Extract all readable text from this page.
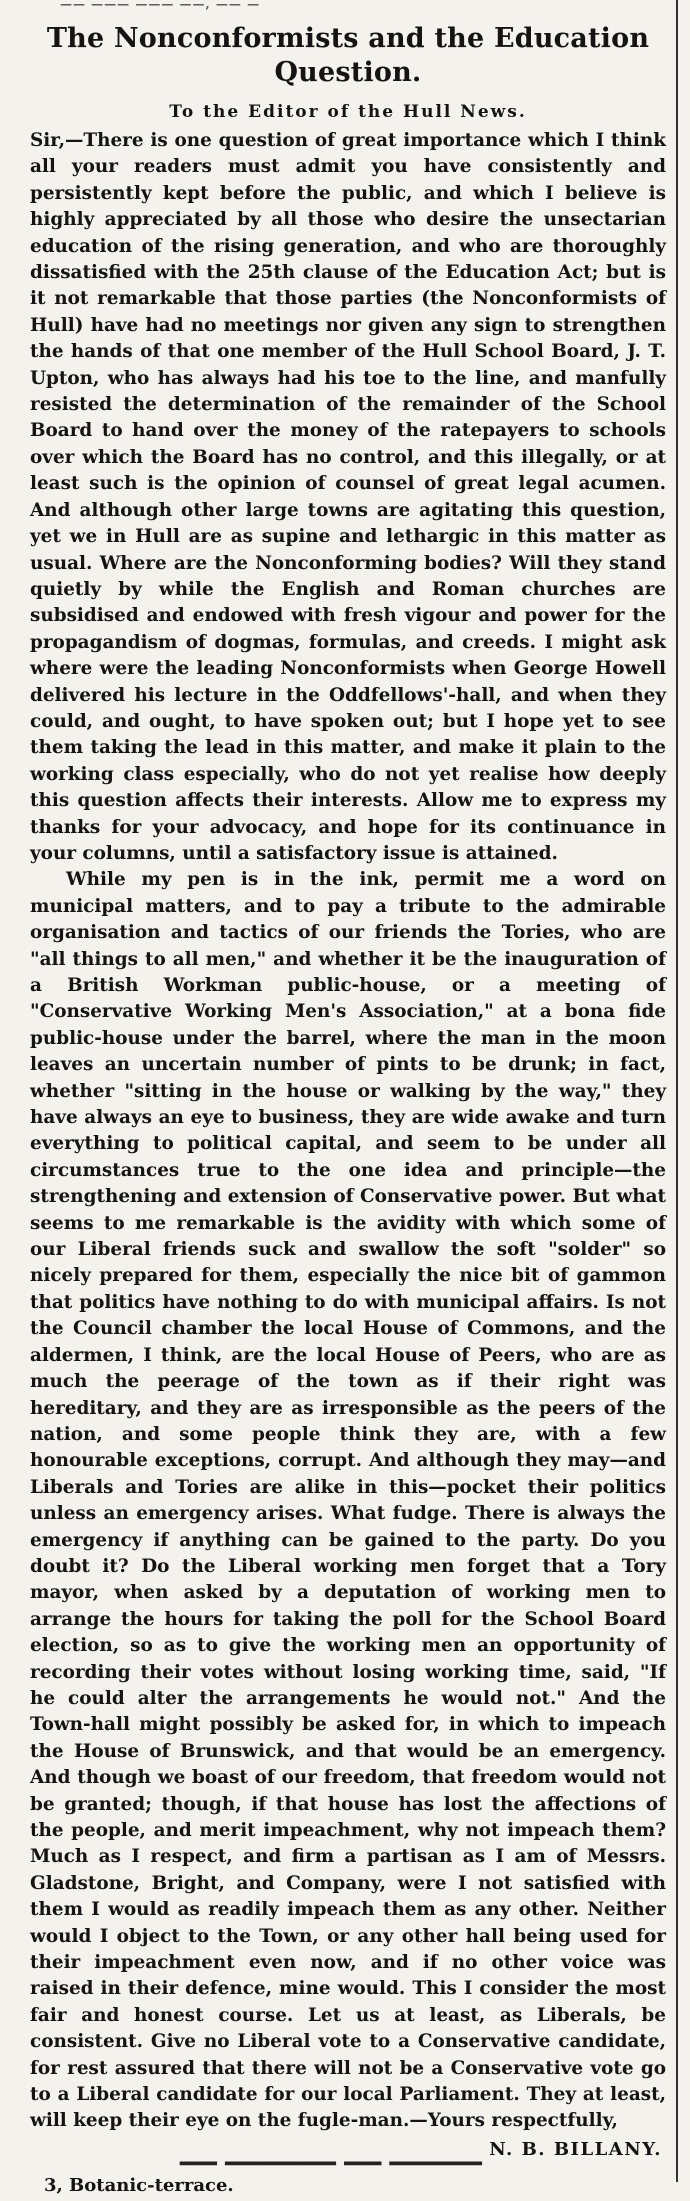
—— ——— ——— ——, —— —
The Nonconformists and the Education Question.
To the Editor of the Hull News.

Sir,—There is one question of great importance which I think all your readers must admit you have consistently and persistently kept before the public, and which I believe is highly appreciated by all those who desire the unsectarian education of the rising generation, and who are thoroughly dissatisfied with the 25th clause of the Education Act; but is it not remarkable that those parties (the Nonconformists of Hull) have had no meetings nor given any sign to strengthen the hands of that one member of the Hull School Board, J. T. Upton, who has always had his toe to the line, and manfully resisted the determination of the remainder of the School Board to hand over the money of the ratepayers to schools over which the Board has no control, and this illegally, or at least such is the opinion of counsel of great legal acumen. And although other large towns are agitating this question, yet we in Hull are as supine and lethargic in this matter as usual. Where are the Nonconforming bodies? Will they stand quietly by while the English and Roman churches are subsidised and endowed with fresh vigour and power for the propagandism of dogmas, formulas, and creeds. I might ask where were the leading Nonconformists when George Howell delivered his lecture in the Oddfellows'-hall, and when they could, and ought, to have spoken out; but I hope yet to see them taking the lead in this matter, and make it plain to the working class especially, who do not yet realise how deeply this question affects their interests. Allow me to express my thanks for your advocacy, and hope for its continuance in your columns, until a satisfactory issue is attained.

While my pen is in the ink, permit me a word on municipal matters, and to pay a tribute to the admirable organisation and tactics of our friends the Tories, who are "all things to all men," and whether it be the inauguration of a British Workman public-house, or a meeting of "Conservative Working Men's Association," at a bona fide public-house under the barrel, where the man in the moon leaves an uncertain number of pints to be drunk; in fact, whether "sitting in the house or walking by the way," they have always an eye to business, they are wide awake and turn everything to political capital, and seem to be under all circumstances true to the one idea and principle—the strengthening and extension of Conservative power. But what seems to me remarkable is the avidity with which some of our Liberal friends suck and swallow the soft "solder" so nicely prepared for them, especially the nice bit of gammon that politics have nothing to do with municipal affairs. Is not the Council chamber the local House of Commons, and the aldermen, I think, are the local House of Peers, who are as much the peerage of the town as if their right was hereditary, and they are as irresponsible as the peers of the nation, and some people think they are, with a few honourable exceptions, corrupt. And although they may—and Liberals and Tories are alike in this—pocket their politics unless an emergency arises. What fudge. There is always the emergency if anything can be gained to the party. Do you doubt it? Do the Liberal working men forget that a Tory mayor, when asked by a deputation of working men to arrange the hours for taking the poll for the School Board election, so as to give the working men an opportunity of recording their votes without losing working time, said, "If he could alter the arrangements he would not." And the Town-hall might possibly be asked for, in which to impeach the House of Brunswick, and that would be an emergency. And though we boast of our freedom, that freedom would not be granted; though, if that house has lost the affections of the people, and merit impeachment, why not impeach them? Much as I respect, and firm a partisan as I am of Messrs. Gladstone, Bright, and Company, were I not satisfied with them I would as readily impeach them as any other. Neither would I object to the Town, or any other hall being used for their impeachment even now, and if no other voice was raised in their defence, mine would. This I consider the most fair and honest course. Let us at least, as Liberals, be consistent. Give no Liberal vote to a Conservative candidate, for rest assured that there will not be a Conservative vote go to a Liberal candidate for our local Parliament. They at least, will keep their eye on the fugle-man.—Yours respectfully,

N. B. BILLANY.

3, Botanic-terrace.

▔▔ ▔▔▔▔▔▔ ▔▔ ▔▔▔▔▔
